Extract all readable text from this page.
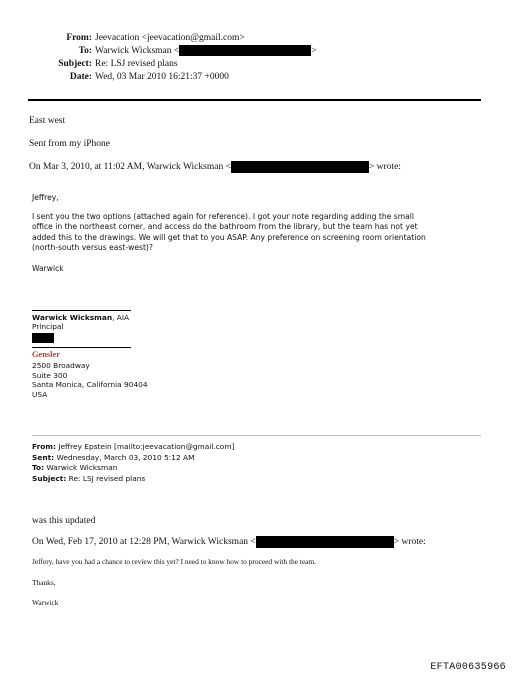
From: Jeevacation <jeevacation@gmail.com>
To: Warwick Wicksman <	>
Subject: Re: LSJ revised plans
Date: Wed, 03 Mar 2010 16:21:37 +0000
East west
Sent from my iPhone
On Mar 3, 2010, at 11:02 AM, Warwick Wicksman <	> wrote:
Jeffrey,
I sent you the two options (attached again for reference). I got your note regarding adding the small
office in the northeast corner, and access do the bathroom from the library, but the team has not yet
added this to the drawings. We will get that to you ASAP. Any preference on screening room orientation
(north-south versus east-west)?
Warwick
Warwick Wicksman, AIA
Principal
Gensler
2500 Broadway
Suite 300
Santa Monica, California 90404
USA
From: Jeffrey Epstein [mailto:jeevacation@gmail.com]
Sent: Wednesday, March 03, 2010 5:12 AM
To: Warwick Wicksman
Subject: Re: LSJ revised plans
was this updated
On Wed, Feb 17, 2010 at 12:28 PM, Warwick Wicksman <	> wrote:
Jeffery, have you had a chance to review this yet? I need to know how to proceed with the team.
Thanks,
Warwick
EFTA00635966
